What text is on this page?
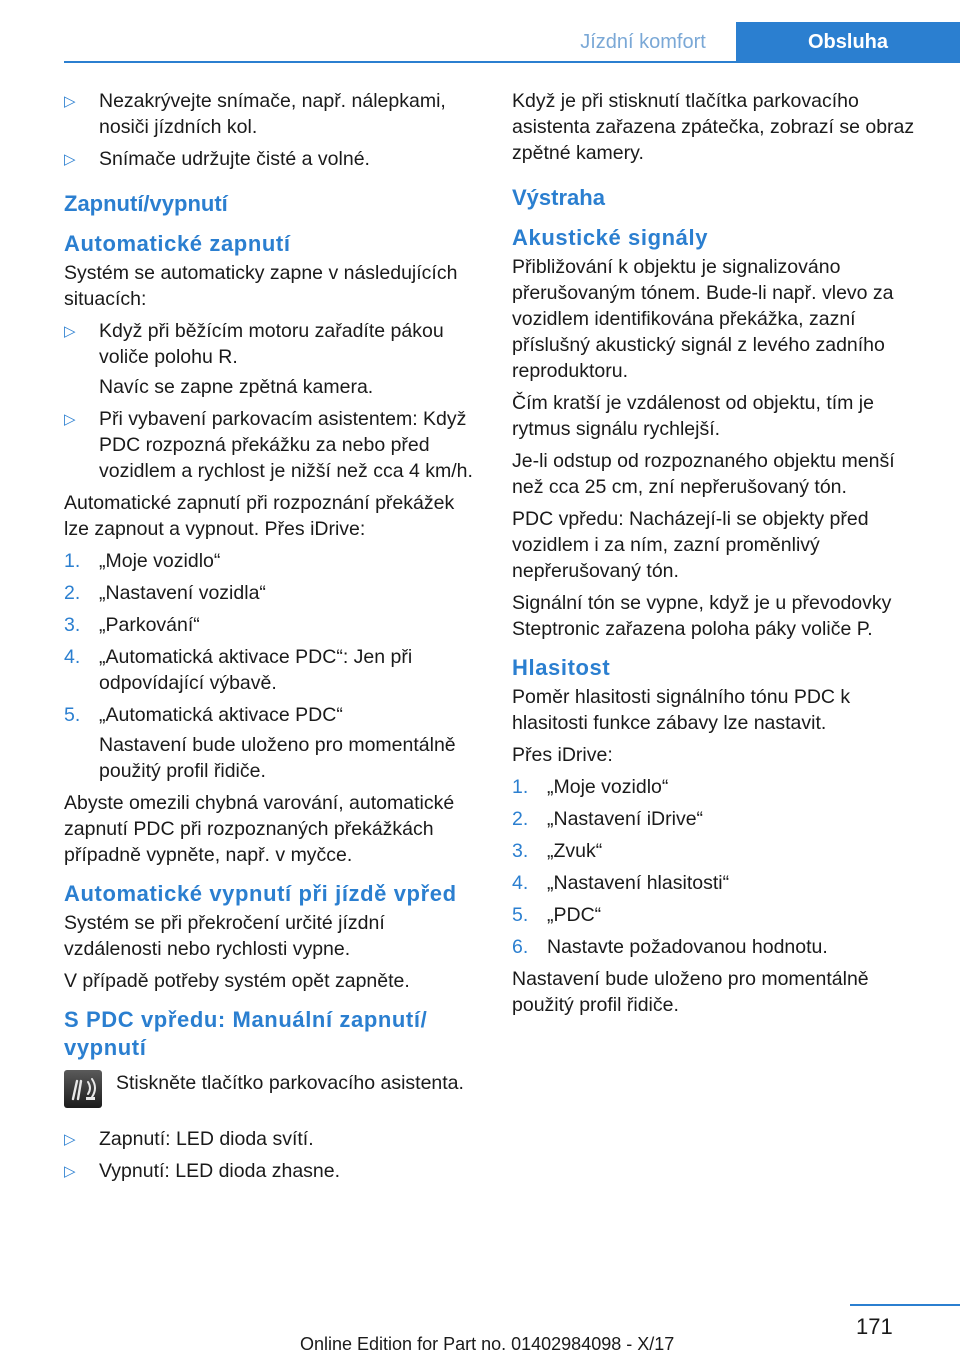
Jízdní komfort	Obsluha
▷ Nezakrývejte snímače, např. nálepkami, nosiči jízdních kol.
▷ Snímače udržujte čisté a volné.
Zapnutí/vypnutí
Automatické zapnutí

Systém se automaticky zapne v následujících situacích:

▷ Když při běžícím motoru zařadíte pákou voliče polohu R.
Navíc se zapne zpětná kamera.
▷ Při vybavení parkovacím asistentem: Když PDC rozpozná překážku za nebo před vozidlem a rychlost je nižší než cca 4 km/h.

Automatické zapnutí při rozpoznání překážek lze zapnout a vypnout. Přes iDrive:

1. „Moje vozidlo“
2. „Nastavení vozidla“
3. „Parkování“
4. „Automatická aktivace PDC“: Jen při odpovídající výbavě.
5. „Automatická aktivace PDC“
Nastavení bude uloženo pro momentálně použitý profil řidiče.

Abyste omezili chybná varování, automatické zapnutí PDC při rozpoznaných překážkách případně vypněte, např. v myčce.

Automatické vypnutí při jízdě vpřed

Systém se při překročení určité jízdní vzdálenosti nebo rychlosti vypne.

V případě potřeby systém opět zapněte.

S PDC vpředu: Manuální zapnutí/ vypnutí
Stiskněte tlačítko parkovacího asistenta.
▷ Zapnutí: LED dioda svítí.
▷ Vypnutí: LED dioda zhasne.

Když je při stisknutí tlačítka parkovacího asistenta zařazena zpátečka, zobrazí se obraz zpětné kamery.

Výstraha
Akustické signály

Přibližování k objektu je signalizováno přerušovaným tónem. Bude-li např. vlevo za vozidlem identifikována překážka, zazní příslušný akustický signál z levého zadního reproduktoru.

Čím kratší je vzdálenost od objektu, tím je rytmus signálu rychlejší.

Je-li odstup od rozpoznaného objektu menší než cca 25 cm, zní nepřerušovaný tón.

PDC vpředu: Nacházejí-li se objekty před vozidlem i za ním, zazní proměnlivý nepřerušovaný tón.

Signální tón se vypne, když je u převodovky Steptronic zařazena poloha páky voliče P.

Hlasitost

Poměr hlasitosti signálního tónu PDC k hlasitosti funkce zábavy lze nastavit.

Přes iDrive:

1. „Moje vozidlo“
2. „Nastavení iDrive“
3. „Zvuk“
4. „Nastavení hlasitosti“
5. „PDC“
6. Nastavte požadovanou hodnotu.

Nastavení bude uloženo pro momentálně použitý profil řidiče.

171
Online Edition for Part no. 01402984098 - X/17
